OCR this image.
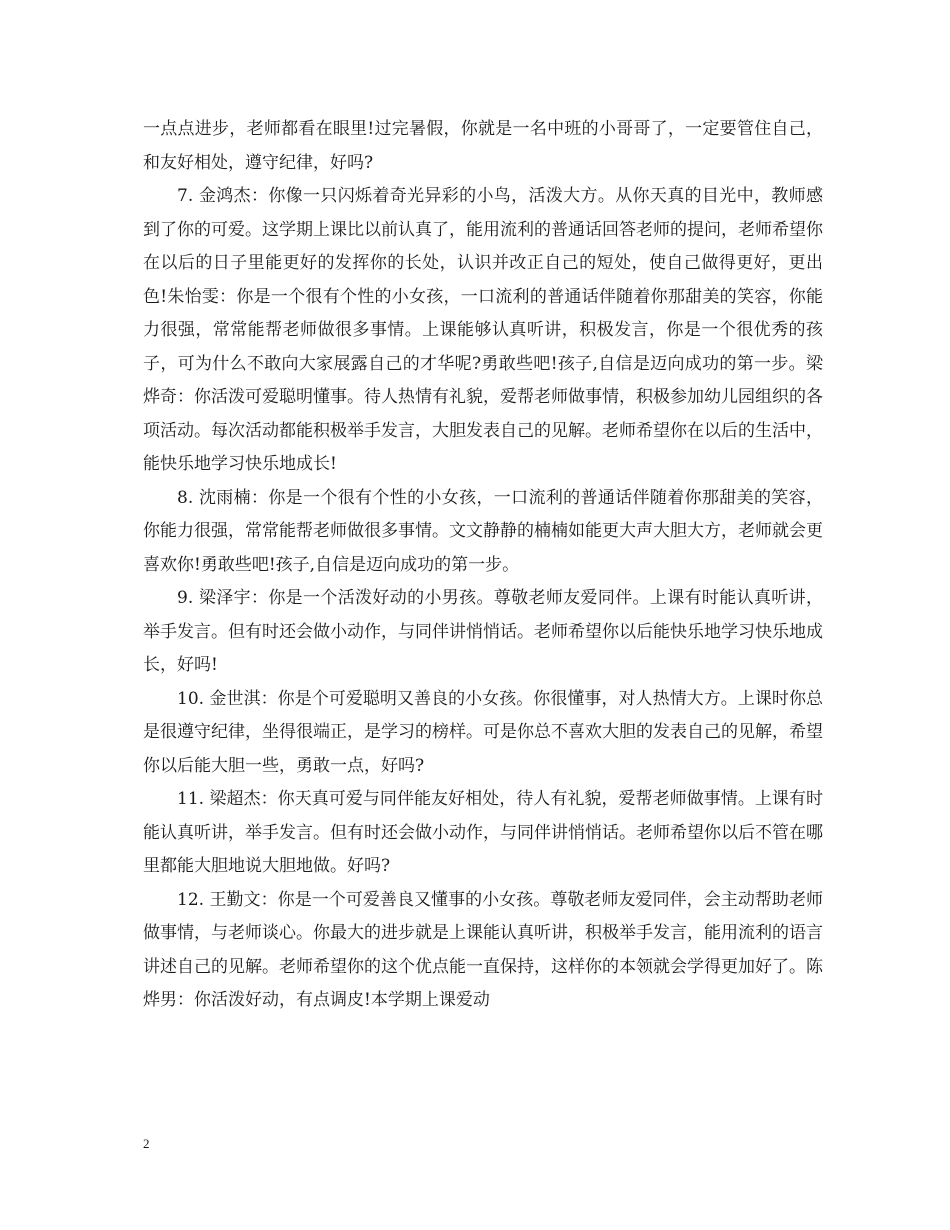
一点点进步，老师都看在眼里!过完暑假，你就是一名中班的小哥哥了，一定要管住自己，和友好相处，遵守纪律，好吗?

7. 金鸿杰：你像一只闪烁着奇光异彩的小鸟，活泼大方。从你天真的目光中，教师感到了你的可爱。这学期上课比以前认真了，能用流利的普通话回答老师的提问，老师希望你在以后的日子里能更好的发挥你的长处，认识并改正自己的短处，使自己做得更好，更出色!朱怡雯：你是一个很有个性的小女孩，一口流利的普通话伴随着你那甜美的笑容，你能力很强，常常能帮老师做很多事情。上课能够认真听讲，积极发言，你是一个很优秀的孩子，可为什么不敢向大家展露自己的才华呢?勇敢些吧!孩子,自信是迈向成功的第一步。梁烨奇：你活泼可爱聪明懂事。待人热情有礼貌，爱帮老师做事情，积极参加幼儿园组织的各项活动。每次活动都能积极举手发言，大胆发表自己的见解。老师希望你在以后的生活中，能快乐地学习快乐地成长!

8. 沈雨楠：你是一个很有个性的小女孩，一口流利的普通话伴随着你那甜美的笑容，你能力很强，常常能帮老师做很多事情。文文静静的楠楠如能更大声大胆大方，老师就会更喜欢你!勇敢些吧!孩子,自信是迈向成功的第一步。

9. 梁泽宇：你是一个活泼好动的小男孩。尊敬老师友爱同伴。上课有时能认真听讲，举手发言。但有时还会做小动作，与同伴讲悄悄话。老师希望你以后能快乐地学习快乐地成长，好吗!

10. 金世淇：你是个可爱聪明又善良的小女孩。你很懂事，对人热情大方。上课时你总是很遵守纪律，坐得很端正，是学习的榜样。可是你总不喜欢大胆的发表自己的见解，希望你以后能大胆一些，勇敢一点，好吗?

11. 梁超杰：你天真可爱与同伴能友好相处，待人有礼貌，爱帮老师做事情。上课有时能认真听讲，举手发言。但有时还会做小动作，与同伴讲悄悄话。老师希望你以后不管在哪里都能大胆地说大胆地做。好吗?

12. 王勤文：你是一个可爱善良又懂事的小女孩。尊敬老师友爱同伴，会主动帮助老师做事情，与老师谈心。你最大的进步就是上课能认真听讲，积极举手发言，能用流利的语言讲述自己的见解。老师希望你的这个优点能一直保持，这样你的本领就会学得更加好了。陈烨男：你活泼好动，有点调皮!本学期上课爱动

2
